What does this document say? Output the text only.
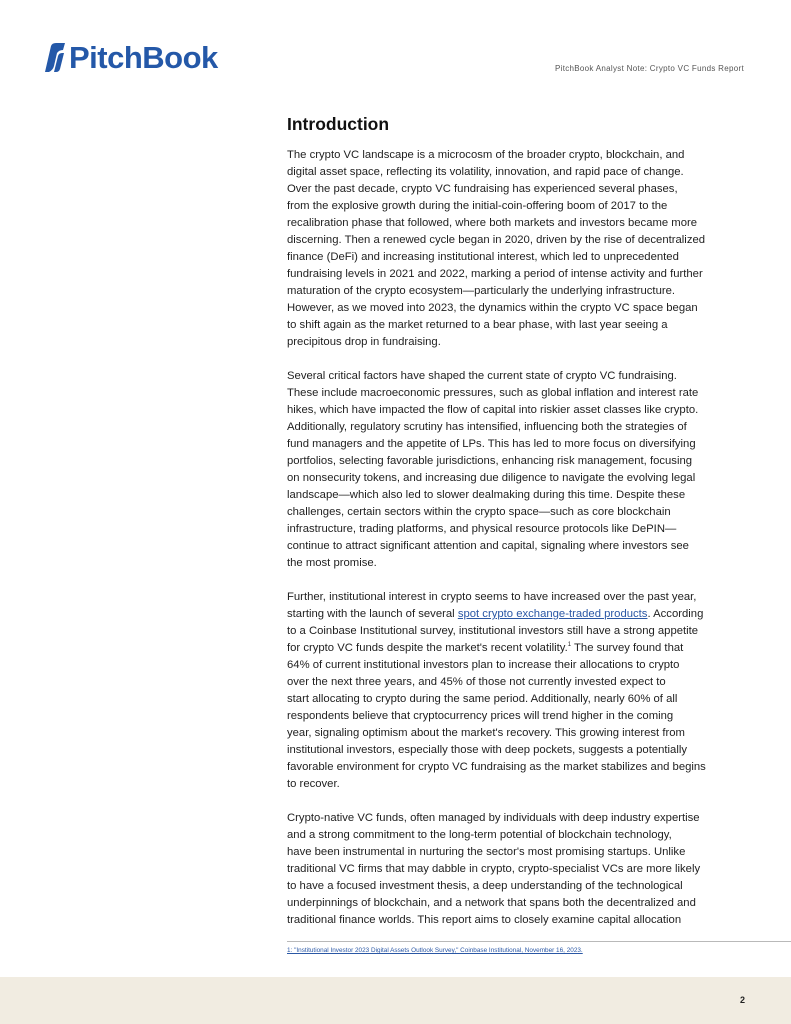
PitchBook	PitchBook Analyst Note: Crypto VC Funds Report
Introduction
The crypto VC landscape is a microcosm of the broader crypto, blockchain, and
digital asset space, reflecting its volatility, innovation, and rapid pace of change.
Over the past decade, crypto VC fundraising has experienced several phases,
from the explosive growth during the initial-coin-offering boom of 2017 to the
recalibration phase that followed, where both markets and investors became more
discerning. Then a renewed cycle began in 2020, driven by the rise of decentralized
finance (DeFi) and increasing institutional interest, which led to unprecedented
fundraising levels in 2021 and 2022, marking a period of intense activity and further
maturation of the crypto ecosystem—particularly the underlying infrastructure.
However, as we moved into 2023, the dynamics within the crypto VC space began
to shift again as the market returned to a bear phase, with last year seeing a
precipitous drop in fundraising.
Several critical factors have shaped the current state of crypto VC fundraising.
These include macroeconomic pressures, such as global inflation and interest rate
hikes, which have impacted the flow of capital into riskier asset classes like crypto.
Additionally, regulatory scrutiny has intensified, influencing both the strategies of
fund managers and the appetite of LPs. This has led to more focus on diversifying
portfolios, selecting favorable jurisdictions, enhancing risk management, focusing
on nonsecurity tokens, and increasing due diligence to navigate the evolving legal
landscape—which also led to slower dealmaking during this time. Despite these
challenges, certain sectors within the crypto space—such as core blockchain
infrastructure, trading platforms, and physical resource protocols like DePIN—
continue to attract significant attention and capital, signaling where investors see
the most promise.
Further, institutional interest in crypto seems to have increased over the past year,
starting with the launch of several spot crypto exchange-traded products. According
to a Coinbase Institutional survey, institutional investors still have a strong appetite
for crypto VC funds despite the market's recent volatility.$^1$ The survey found that
64% of current institutional investors plan to increase their allocations to crypto
over the next three years, and 45% of those not currently invested expect to
start allocating to crypto during the same period. Additionally, nearly 60% of all
respondents believe that cryptocurrency prices will trend higher in the coming
year, signaling optimism about the market's recovery. This growing interest from
institutional investors, especially those with deep pockets, suggests a potentially
favorable environment for crypto VC fundraising as the market stabilizes and begins
to recover.
Crypto-native VC funds, often managed by individuals with deep industry expertise
and a strong commitment to the long-term potential of blockchain technology,
have been instrumental in nurturing the sector's most promising startups. Unlike
traditional VC firms that may dabble in crypto, crypto-specialist VCs are more likely
to have a focused investment thesis, a deep understanding of the technological
underpinnings of blockchain, and a network that spans both the decentralized and
traditional finance worlds. This report aims to closely examine capital allocation
1: "Institutional Investor 2023 Digital Assets Outlook Survey," Coinbase Institutional, November 16, 2023.
2
